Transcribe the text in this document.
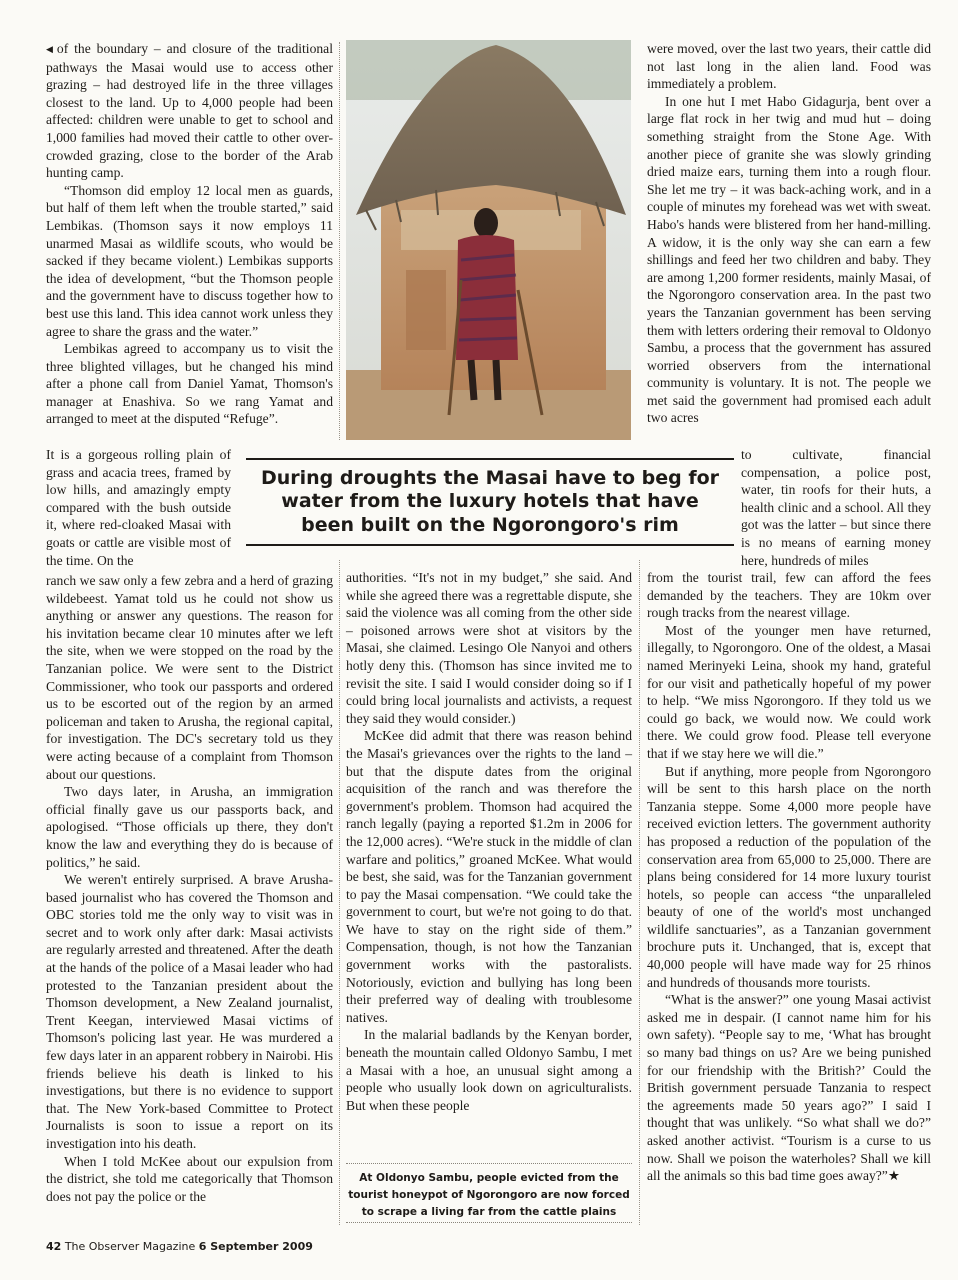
◀ of the boundary – and closure of the traditional pathways the Masai would use to access other grazing – had destroyed life in the three villages closest to the land. Up to 4,000 people had been affected: children were unable to get to school and 1,000 families had moved their cattle to other over-crowded grazing, close to the border of the Arab hunting camp.

“Thomson did employ 12 local men as guards, but half of them left when the trouble started,” said Lembikas. (Thomson says it now employs 11 unarmed Masai as wildlife scouts, who would be sacked if they became violent.) Lembikas supports the idea of development, “but the Thomson people and the government have to discuss together how to best use this land. This idea cannot work unless they agree to share the grass and the water.”

Lembikas agreed to accompany us to visit the three blighted villages, but he changed his mind after a phone call from Daniel Yamat, Thomson's manager at Enashiva. So we rang Yamat and arranged to meet at the disputed “Refuge”.

It is a gorgeous rolling plain of grass and acacia trees, framed by low hills, and amazingly empty compared with the bush outside it, where red-cloaked Masai with goats or cattle are visible most of the time. On the

ranch we saw only a few zebra and a herd of grazing wildebeest. Yamat told us he could not show us anything or answer any questions. The reason for his invitation became clear 10 minutes after we left the site, when we were stopped on the road by the Tanzanian police. We were sent to the District Commissioner, who took our passports and ordered us to be escorted out of the region by an armed policeman and taken to Arusha, the regional capital, for investigation. The DC's secretary told us they were acting because of a complaint from Thomson about our questions.

Two days later, in Arusha, an immigration official finally gave us our passports back, and apologised. “Those officials up there, they don't know the law and everything they do is because of politics,” he said.

We weren't entirely surprised. A brave Arusha-based journalist who has covered the Thomson and OBC stories told me the only way to visit was in secret and to work only after dark: Masai activists are regularly arrested and threatened. After the death at the hands of the police of a Masai leader who had protested to the Tanzanian president about the Thomson development, a New Zealand journalist, Trent Keegan, interviewed Masai victims of Thomson's policing last year. He was murdered a few days later in an apparent robbery in Nairobi. His friends believe his death is linked to his investigations, but there is no evidence to support that. The New York-based Committee to Protect Journalists is soon to issue a report on its investigation into his death.

When I told McKee about our expulsion from the district, she told me categorically that Thomson does not pay the police or the

During droughts the Masai have to beg for water from the luxury hotels that have been built on the Ngorongoro's rim

authorities. “It's not in my budget,” she said. And while she agreed there was a regrettable dispute, she said the violence was all coming from the other side – poisoned arrows were shot at visitors by the Masai, she claimed. Lesingo Ole Nanyoi and others hotly deny this. (Thomson has since invited me to revisit the site. I said I would consider doing so if I could bring local journalists and activists, a request they said they would consider.)

McKee did admit that there was reason behind the Masai's grievances over the rights to the land – but that the dispute dates from the original acquisition of the ranch and was therefore the government's problem. Thomson had acquired the ranch legally (paying a reported $1.2m in 2006 for the 12,000 acres). “We're stuck in the middle of clan warfare and politics,” groaned McKee. What would be best, she said, was for the Tanzanian government to pay the Masai compensation. “We could take the government to court, but we're not going to do that. We have to stay on the right side of them.” Compensation, though, is not how the Tanzanian government works with the pastoralists. Notoriously, eviction and bullying has long been their preferred way of dealing with troublesome natives.

In the malarial badlands by the Kenyan border, beneath the mountain called Oldonyo Sambu, I met a Masai with a hoe, an unusual sight among a people who usually look down on agriculturalists. But when these people

At Oldonyo Sambu, people evicted from the tourist honeypot of Ngorongoro are now forced to scrape a living far from the cattle plains

were moved, over the last two years, their cattle did not last long in the alien land. Food was immediately a problem.

In one hut I met Habo Gidagurja, bent over a large flat rock in her twig and mud hut – doing something straight from the Stone Age. With another piece of granite she was slowly grinding dried maize ears, turning them into a rough flour. She let me try – it was back-aching work, and in a couple of minutes my forehead was wet with sweat. Habo's hands were blistered from her hand-milling. A widow, it is the only way she can earn a few shillings and feed her two children and baby. They are among 1,200 former residents, mainly Masai, of the Ngorongoro conservation area. In the past two years the Tanzanian government has been serving them with letters ordering their removal to Oldonyo Sambu, a process that the government has assured worried observers from the international community is voluntary. It is not. The people we met said the government had promised each adult two acres

to cultivate, financial compensation, a police post, water, tin roofs for their huts, a health clinic and a school. All they got was the latter – but since there is no means of earning money here, hundreds of miles

from the tourist trail, few can afford the fees demanded by the teachers. They are 10km over rough tracks from the nearest village.

Most of the younger men have returned, illegally, to Ngorongoro. One of the oldest, a Masai named Merinyeki Leina, shook my hand, grateful for our visit and pathetically hopeful of my power to help. “We miss Ngorongoro. If they told us we could go back, we would now. We could work there. We could grow food. Please tell everyone that if we stay here we will die.”

But if anything, more people from Ngorongoro will be sent to this harsh place on the north Tanzania steppe. Some 4,000 more people have received eviction letters. The government authority has proposed a reduction of the population of the conservation area from 65,000 to 25,000. There are plans being considered for 14 more luxury tourist hotels, so people can access “the unparalleled beauty of one of the world's most unchanged wildlife sanctuaries”, as a Tanzanian government brochure puts it. Unchanged, that is, except that 40,000 people will have made way for 25 rhinos and hundreds of thousands more tourists.

“What is the answer?” one young Masai activist asked me in despair. (I cannot name him for his own safety). “People say to me, ‘What has brought so many bad things on us? Are we being punished for our friendship with the British?’ Could the British government persuade Tanzania to respect the agreements made 50 years ago?” I said I thought that was unlikely. “So what shall we do?” asked another activist. “Tourism is a curse to us now. Shall we poison the waterholes? Shall we kill all the animals so this bad time goes away?”★

42 The Observer Magazine 6 September 2009
